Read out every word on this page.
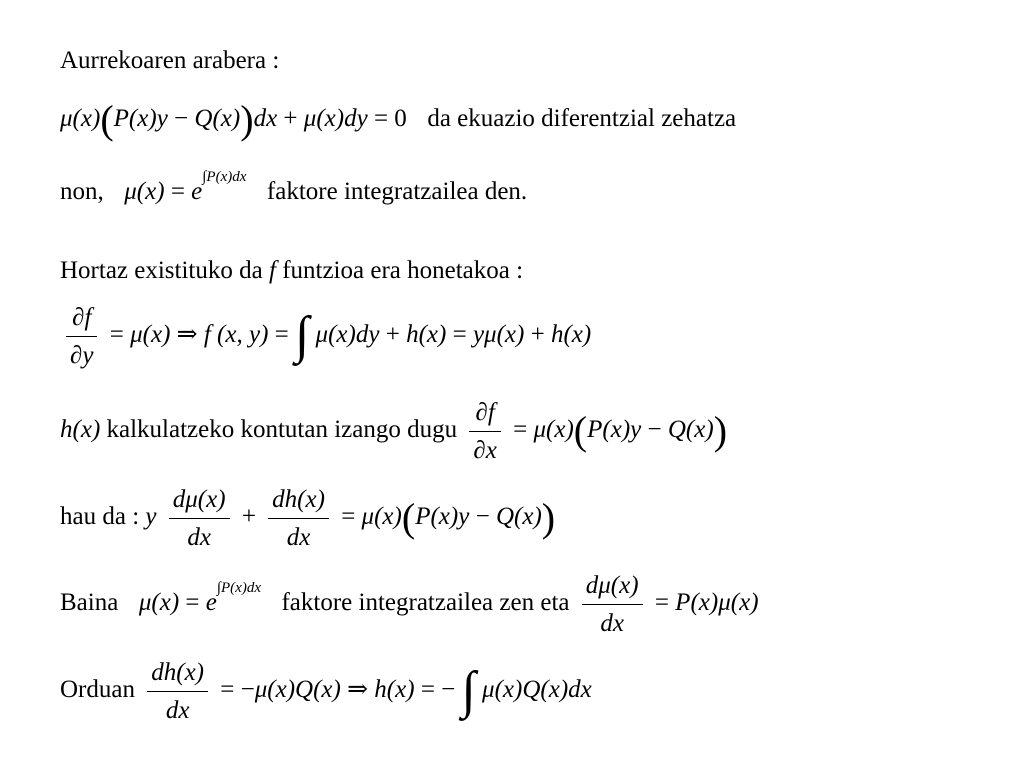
Aurrekoaren arabera :
μ(x)(P(x)y − Q(x))dx + μ(x)dy = 0 da ekuazio diferentzial zehatza
non, $\mu(x) = e^{\int P(x)dx}$  faktore integratzailea den.
Hortaz existituko da f funtzioa era honetakoa :
$\frac{\partial f}{\partial y} = \mu(x)$ ⇒ f (x, y) = ∫ μ(x)dy + h(x) = yμ(x) + h(x)
h(x) kalkulatzeko kontutan izango dugu $\frac{\partial f}{\partial x} = \mu(x)(P(x)y - Q(x))$
hau da : y $\frac{d\mu(x)}{dx} + \frac{dh(x)}{dx} = \mu(x)(P(x)y - Q(x))$
Baina $\mu(x) = e^{\int P(x)dx}$  faktore integratzailea zen eta $\frac{d\mu(x)}{dx} = P(x)\mu(x)$
Orduan $\frac{dh(x)}{dx} = -\mu(x)Q(x)$ ⇒ h(x) = − ∫ μ(x)Q(x)dx
